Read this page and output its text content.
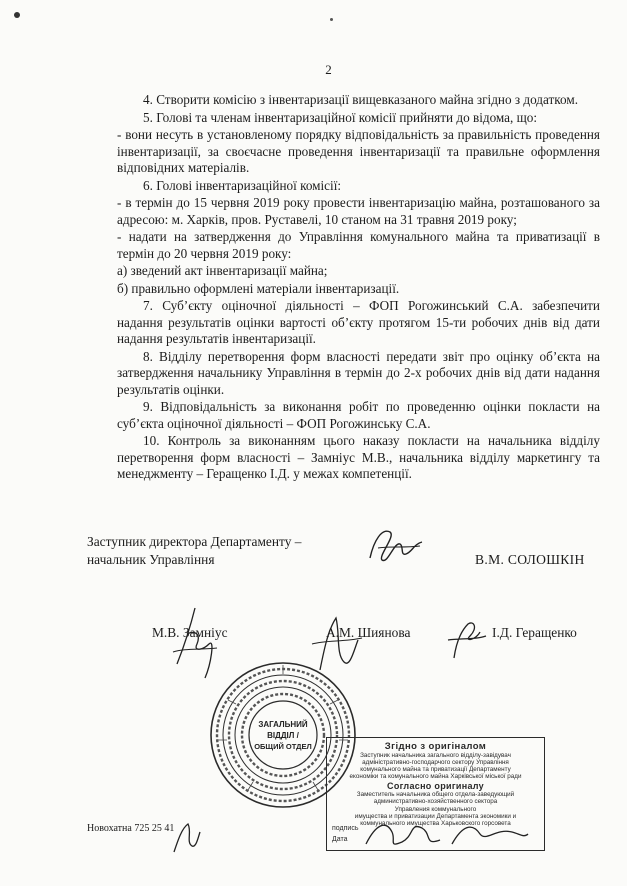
2

4. Створити комісію з інвентаризації вищевказаного майна згідно з додатком.

5. Голові та членам інвентаризаційної комісії прийняти до відома, що:

- вони несуть в установленому порядку відповідальність за правильність проведення інвентаризації, за своєчасне проведення інвентаризації та правильне оформлення відповідних матеріалів.

6. Голові інвентаризаційної комісії:

- в термін до 15 червня 2019 року провести інвентаризацію майна, розташованого за адресою: м. Харків, пров. Руставелі, 10 станом на 31 травня 2019 року;

- надати на затвердження до Управління комунального майна та приватизації в термін до 20 червня 2019 року:

а) зведений акт інвентаризації майна;

б) правильно оформлені матеріали інвентаризації.

7. Суб’єкту оціночної діяльності – ФОП Рогожинський С.А. забезпечити надання результатів оцінки вартості об’єкту протягом 15-ти робочих днів від дати надання результатів інвентаризації.

8. Відділу перетворення форм власності передати звіт про оцінку об’єкта на затвердження начальнику Управління в термін до 2-х робочих днів від дати надання результатів оцінки.

9. Відповідальність за виконання робіт по проведенню оцінки покласти на суб’єкта оціночної діяльності – ФОП Рогожинську С.А.

10. Контроль за виконанням цього наказу покласти на начальника відділу перетворення форм власності – Замніус М.В., начальника відділу маркетингу та менеджменту – Геращенко І.Д. у межах компетенції.

Заступник директора Департаменту –
начальник Управління	В.М. СОЛОШКІН
М.В. Замніус	А.М. Шиянова	І.Д. Геращенко
ЗАГАЛЬНИЙ
ВІДДІЛ /
ОБЩИЙ ОТДЕЛ	Згідно з оригіналом
Заступник начальника загального відділу-завідувач
адміністративно-господарчого сектору Управління
комунального майна та приватизації Департаменту
економіки та комунального майна Харківської міської ради
Согласно оригиналу
Заместитель начальника общего отдела-заведующий
административно-хозяйственного сектора
Управления коммунального
имущества и приватизации Департамента экономики и
коммунального имущества Харьковского горсовета
подпись
Дата
Новохатна 725 25 41
